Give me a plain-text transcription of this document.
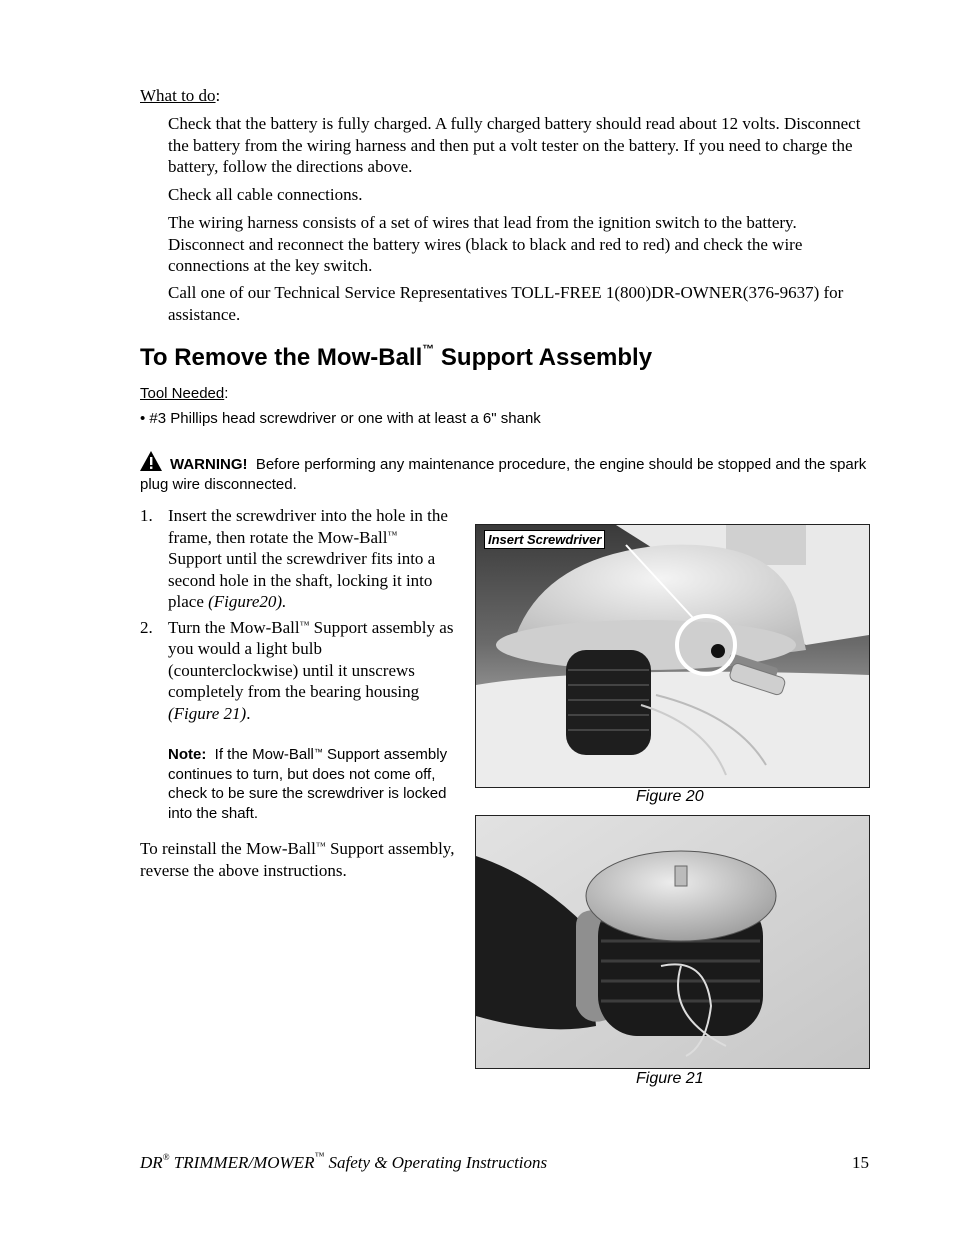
What to do:
Check that the battery is fully charged. A fully charged battery should read about 12 volts. Disconnect the battery from the wiring harness and then put a volt tester on the battery. If you need to charge the battery, follow the directions above.
Check all cable connections.
The wiring harness consists of a set of wires that lead from the ignition switch to the battery. Disconnect and reconnect the battery wires (black to black and red to red) and check the wire connections at the key switch.
Call one of our Technical Service Representatives TOLL-FREE 1(800)DR-OWNER(376-9637) for assistance.
To Remove the Mow-Ball™ Support Assembly
Tool Needed:
• #3 Phillips head screwdriver or one with at least a 6" shank
WARNING!  Before performing any maintenance procedure, the engine should be stopped and the spark plug wire disconnected.
1. Insert the screwdriver into the hole in the frame, then rotate the Mow-Ball™ Support until the screwdriver fits into a second hole in the shaft, locking it into place (Figure20).
2. Turn the Mow-Ball™ Support assembly as you would a light bulb (counterclockwise) until it unscrews completely from the bearing housing (Figure 21).
Note:  If the Mow-Ball™ Support assembly continues to turn, but does not come off, check to be sure the screwdriver is locked into the shaft.
To reinstall the Mow-Ball™ Support assembly, reverse the above instructions.
Insert Screwdriver
Figure 20
Figure 21
DR® TRIMMER/MOWER™ Safety & Operating Instructions	15
